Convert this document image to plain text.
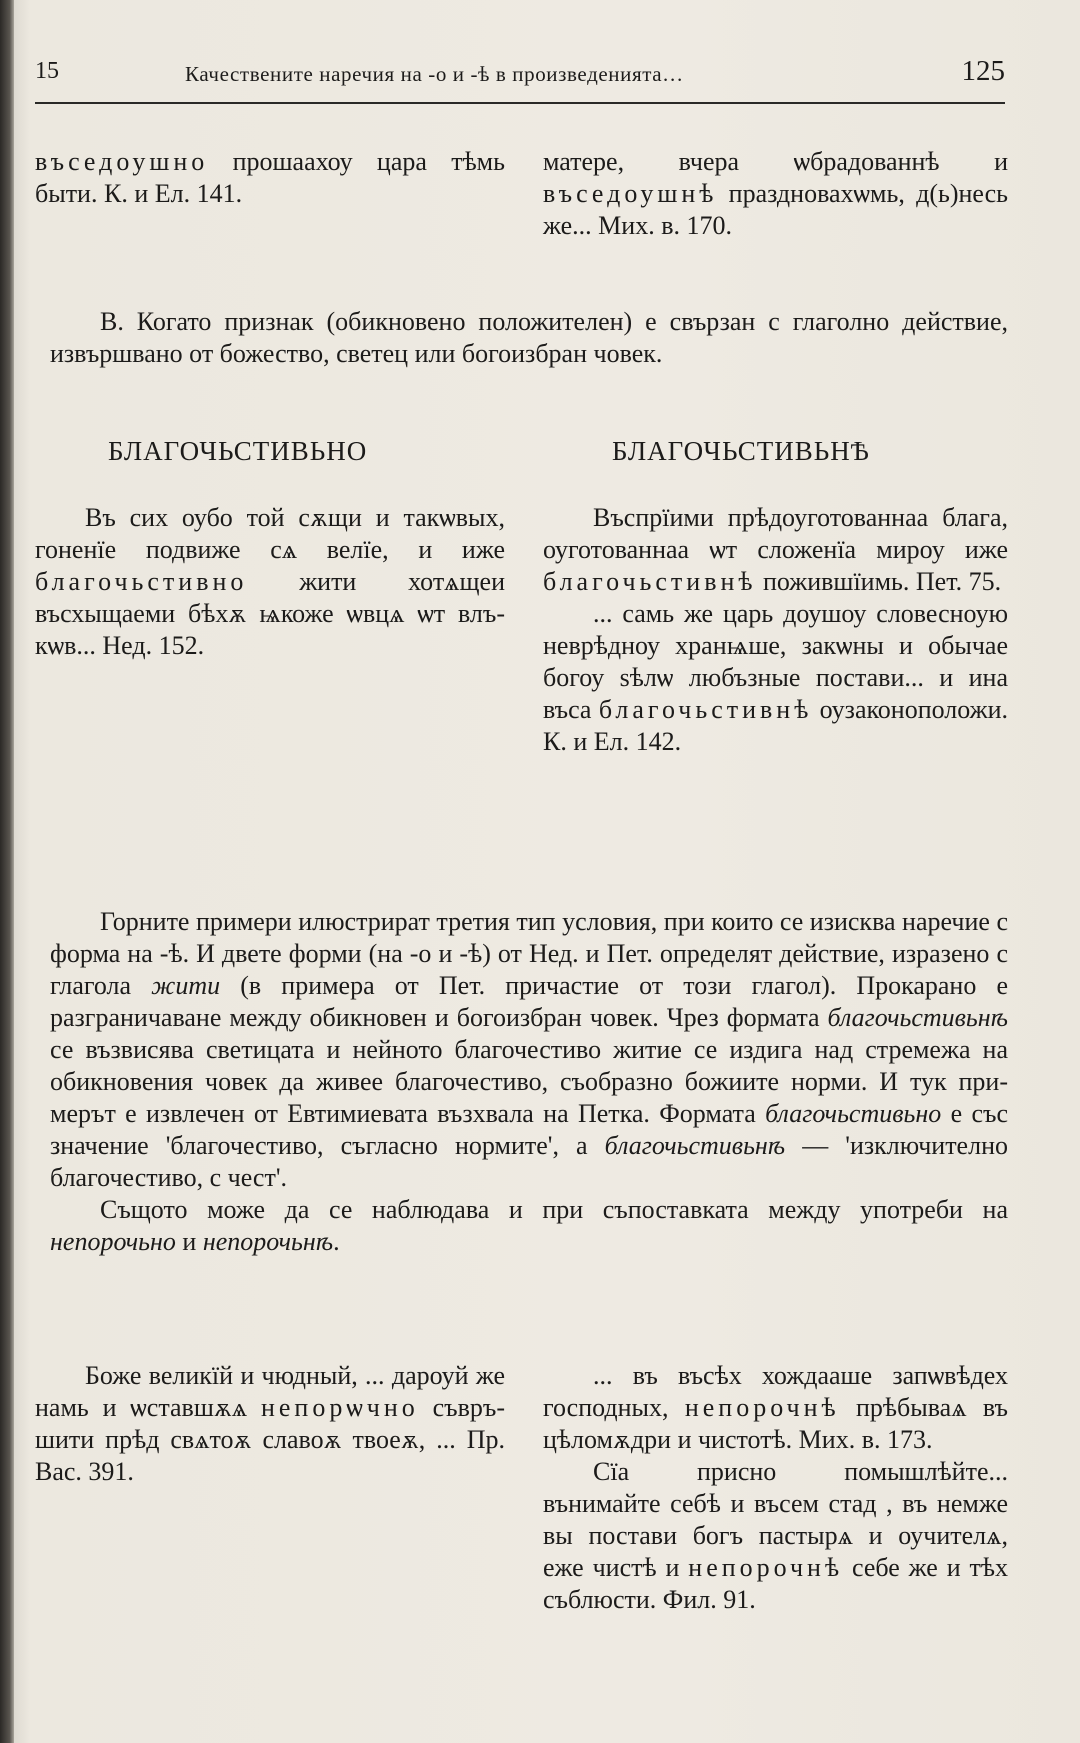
15	Качествените наречия на -о и -ѣ в произведенията…	125

въседоушно прошаахоу цара тѣмь быти. К. и Ел. 141.

матере, вчера ѡбрадованнѣ и въседоушнѣ праздновахѡмь, д(ь)несь же... Мих. в. 170.

В. Когато признак (обикновено положителен) е свързан с глаголно действие, извършвано от божество, светец или богоизбран човек.

БЛАГОЧЬСТИВЬНО	БЛАГОЧЬСТИВЬНѢ

Въ сих оубо той сѫщи и такѡвых, гоненїе подвиже сѧ велїе, и иже благочьстивно жити хотѧщеи въсхыщаеми бѣхѫ ѩкоже ѡвцѧ ѡт влъкѡв... Нед. 152.

Въспрїими прѣдоуготованнаа блага, оуготованнаа ѡт сложенїа мироу иже благочьстивнѣ пожившїимь. Пет. 75.

... самь же царь доушоу словесноую неврѣдноу хранѩше, закѡны и обычае богоу ѕѣлѡ любъзные постави... и ина въса благочьстивнѣ оузаконоположи. К. и Ел. 142.

Горните примери илюстрират третия тип условия, при които се изисква наречие с форма на -ѣ. И двете форми (на -о и -ѣ) от Нед. и Пет. определят действие, изразено с глагола жити (в примера от Пет. причастие от този глагол). Прокарано е разграничаване между обикновен и богоизбран човек. Чрез формата благочьстивьнѣ се възвисява светицата и нейното благочестиво житие се издига над стремежа на обикновения човек да живее благочестиво, съобразно божиите норми. И тук примерът е извлечен от Евтимиевата възхвала на Петка. Формата благочьстивьно е със значение 'благочестиво, съгласно нормите', а благочьстивьнѣ — 'изключително благочестиво, с чест'.

Същото може да се наблюдава и при съпоставката между употреби на непорочьно и непорочьнѣ.

Боже великїй и чюдный, ... дароуй же намь и ѡставшѫѧ непорѡчно съвръшити прѣд свѧтоѫ славоѫ твоеѫ, ... Пр. Вас. 391.

... въ въсѣх хождааше запѡвѣдех господных, непорочнѣ прѣбываѧ въ цѣломѫдри и чистотѣ. Мих. в. 173.

Сїа присно помышлѣйте... вънимайте себѣ и въсем стад , въ немже вы постави богъ пастырѧ и оучителѧ, еже чистѣ и непорочнѣ себе же и тѣх съблюсти. Фил. 91.
